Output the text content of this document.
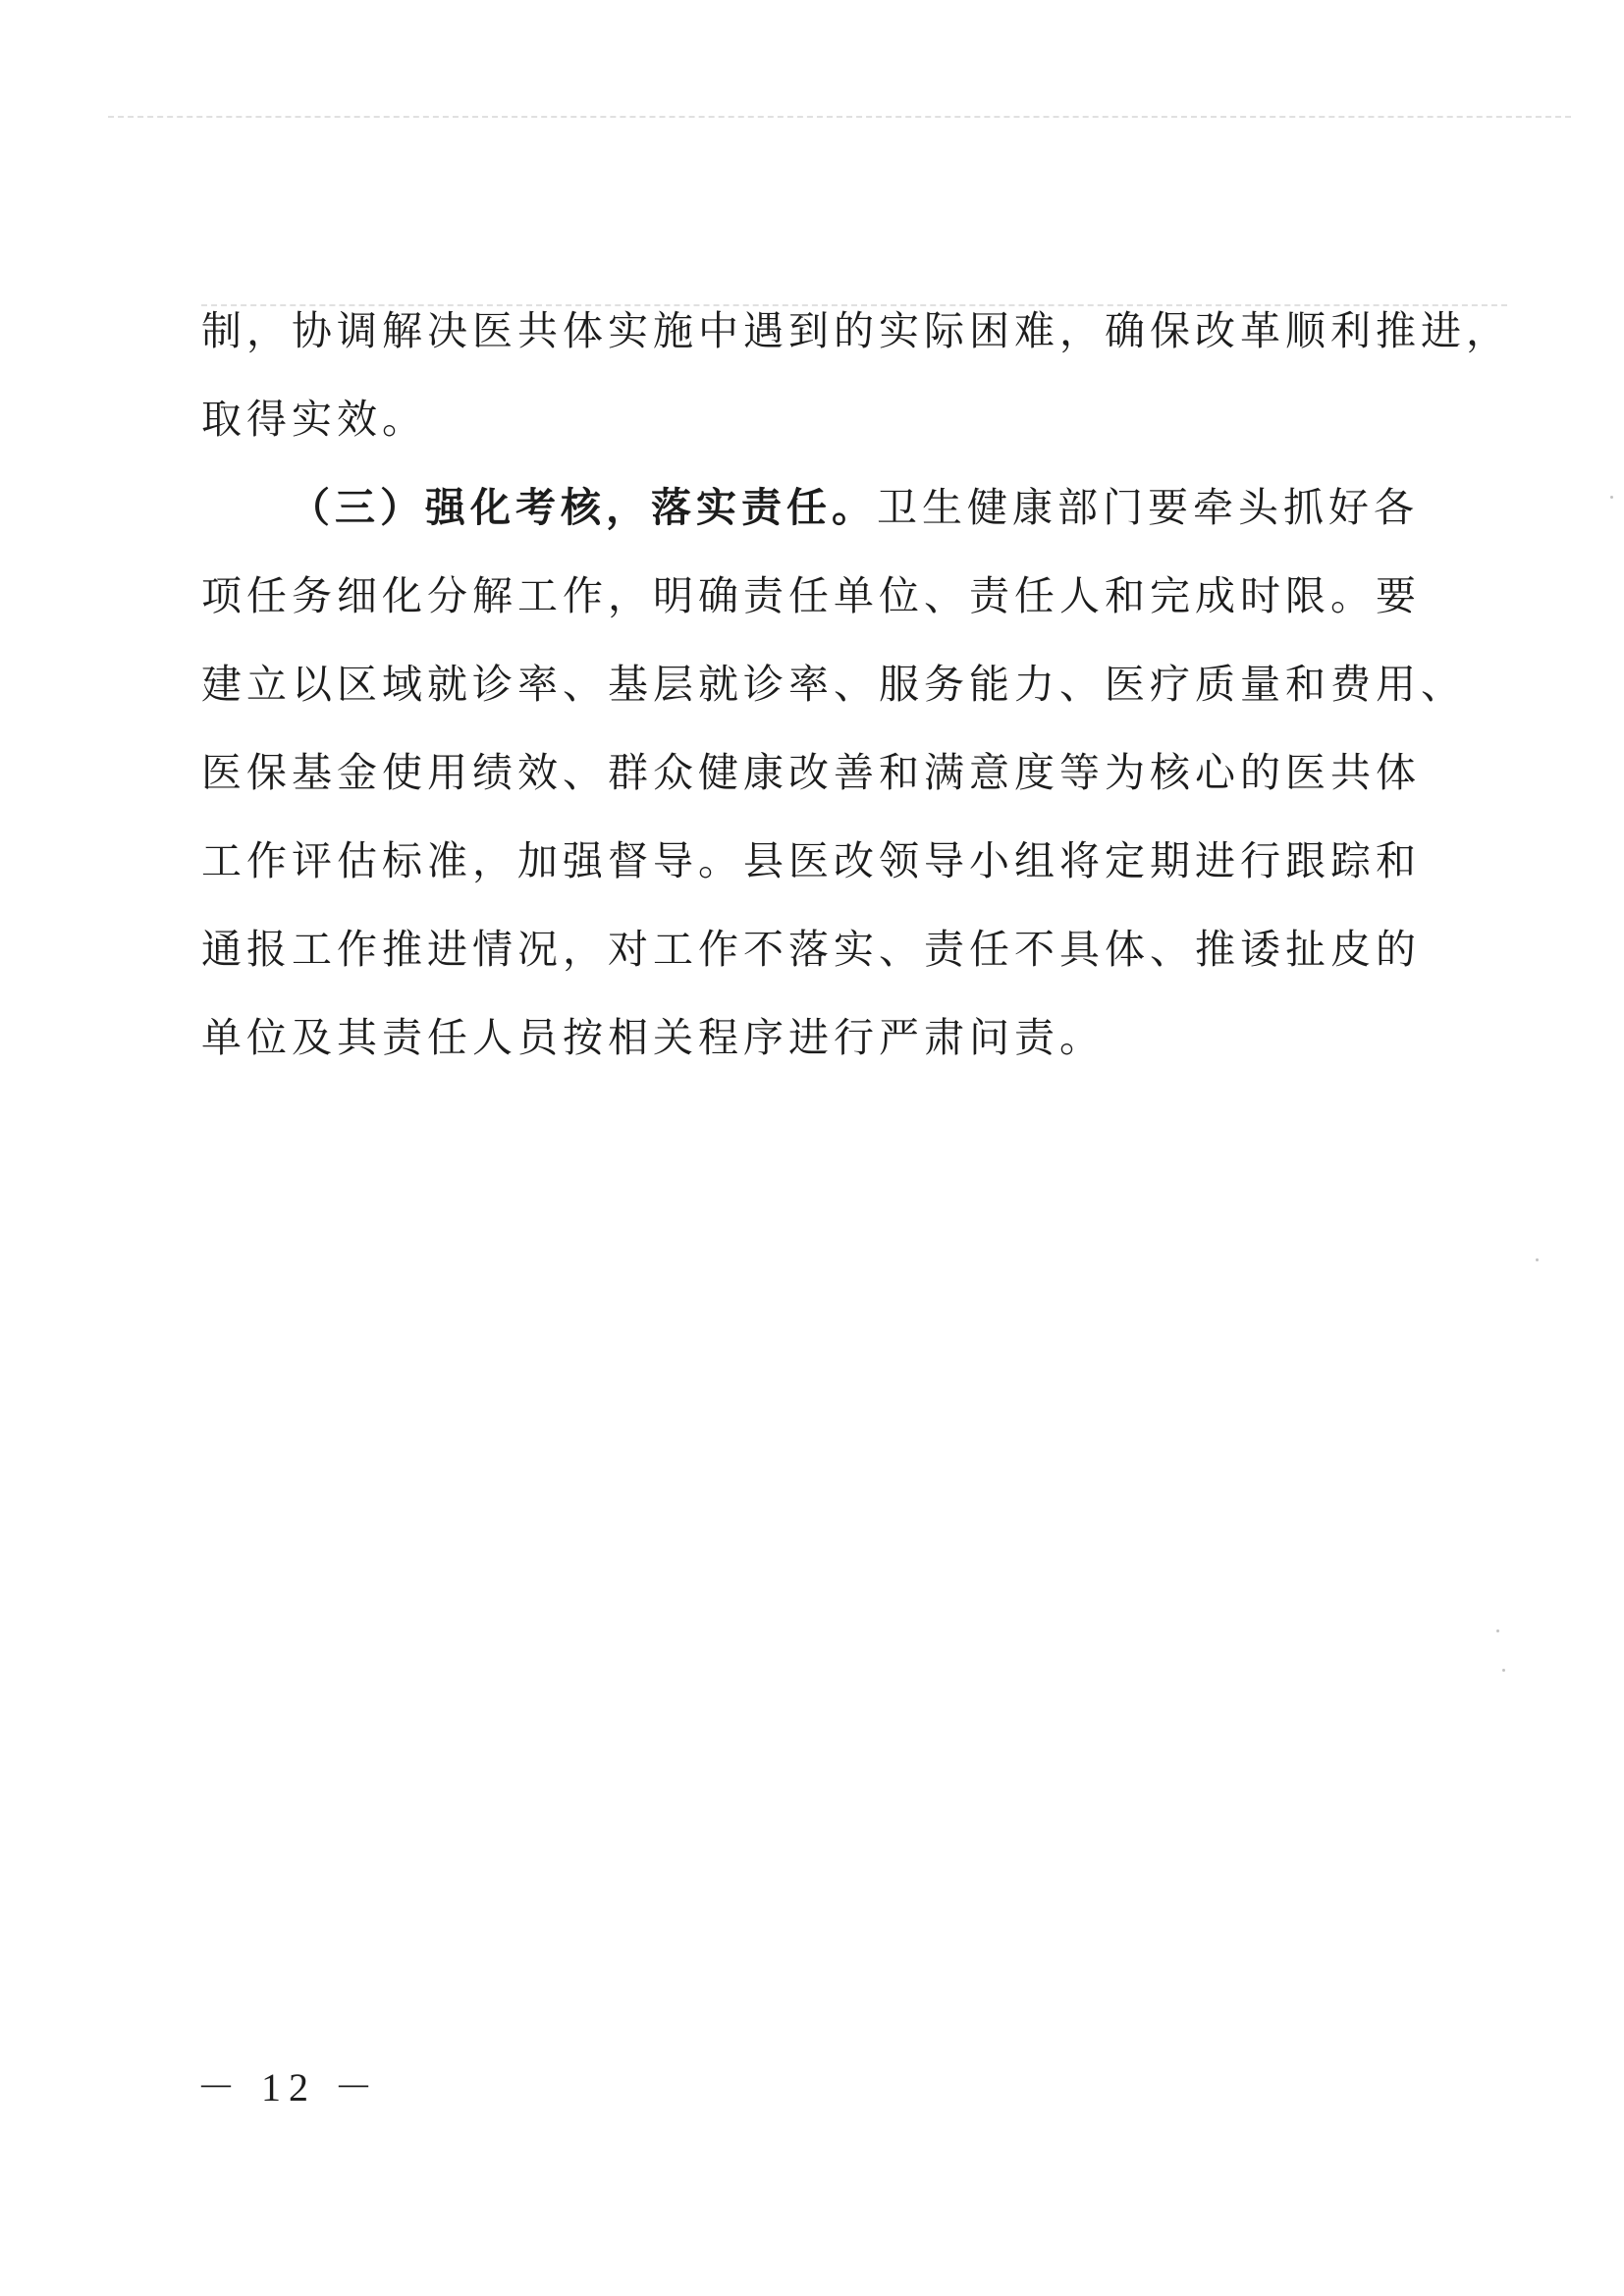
制，协调解决医共体实施中遇到的实际困难，确保改革顺利推进，
取得实效。
（三）强化考核，落实责任。卫生健康部门要牵头抓好各
项任务细化分解工作，明确责任单位、责任人和完成时限。要
建立以区域就诊率、基层就诊率、服务能力、医疗质量和费用、
医保基金使用绩效、群众健康改善和满意度等为核心的医共体
工作评估标准，加强督导。县医改领导小组将定期进行跟踪和
通报工作推进情况，对工作不落实、责任不具体、推诿扯皮的
单位及其责任人员按相关程序进行严肃问责。

－ 12 －
